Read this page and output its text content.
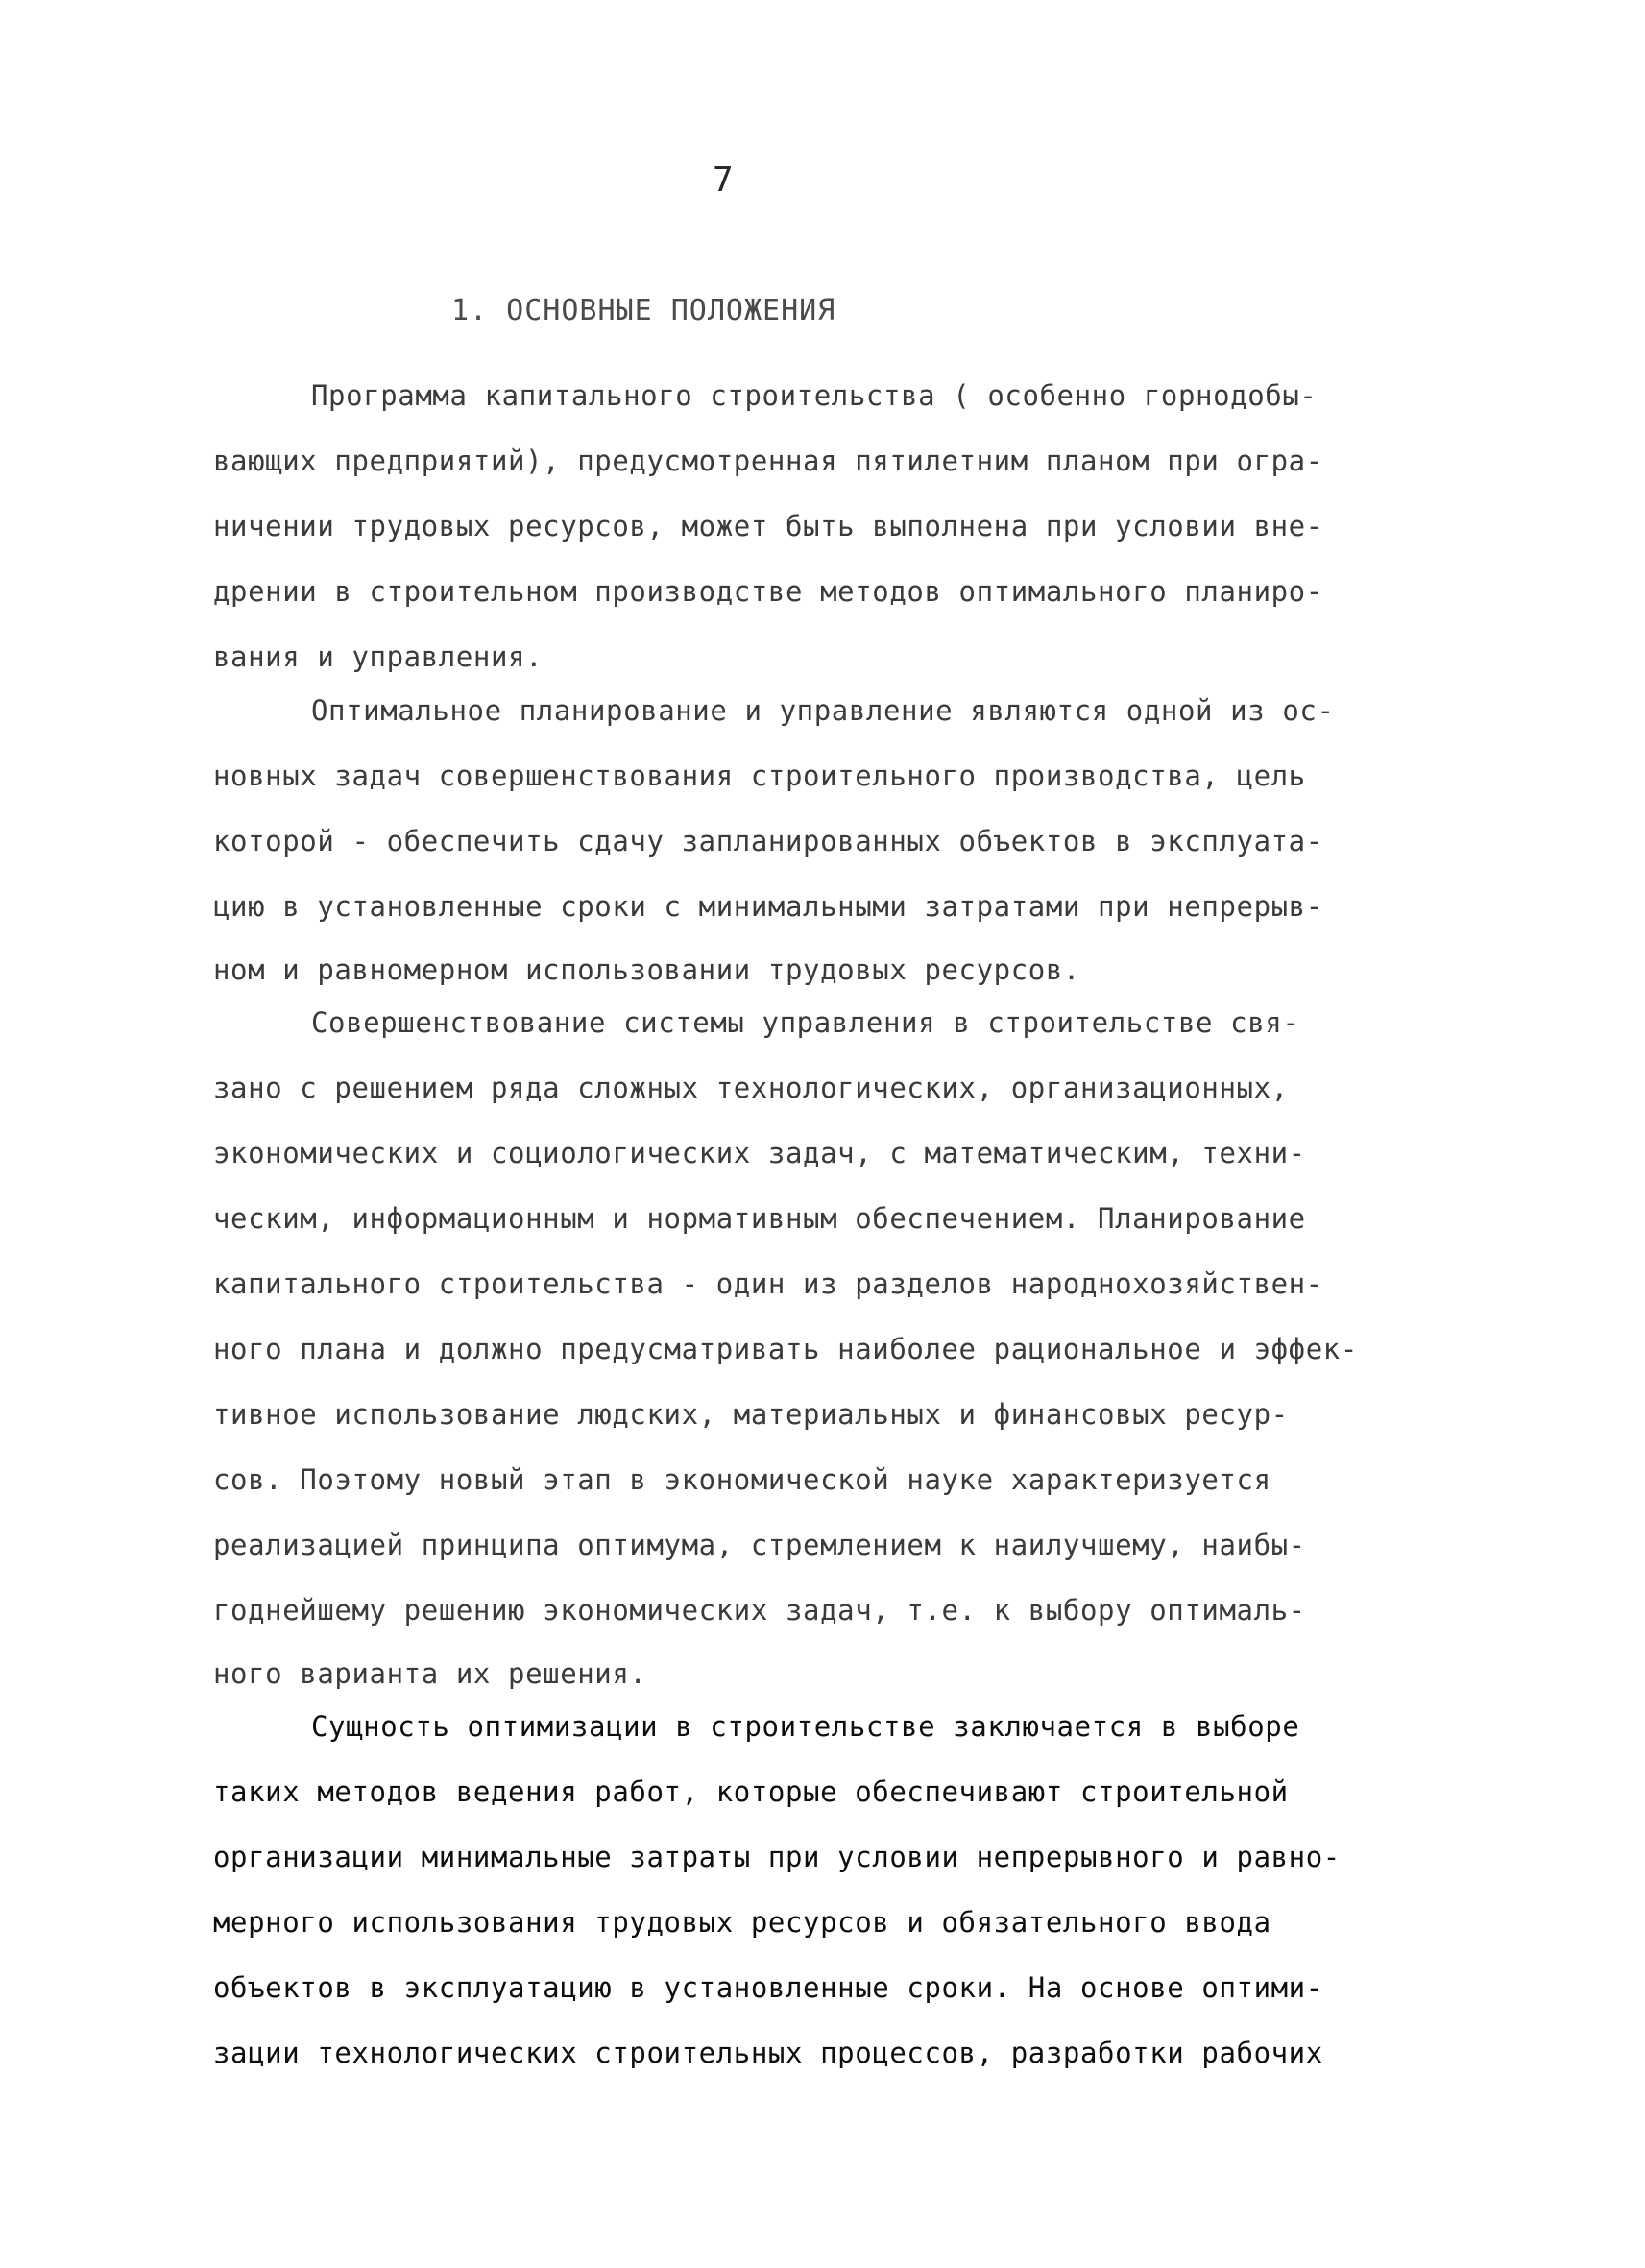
7
1. ОСНОВНЫЕ ПОЛОЖЕНИЯ
Программа капитального строительства ( особенно горнодобы-
вающих предприятий), предусмотренная пятилетним планом при огра-
ничении трудовых ресурсов, может быть выполнена при условии вне-
дрении в строительном производстве методов оптимального планиро-
вания и управления.
Оптимальное планирование и управление являются одной из ос-
новных задач совершенствования строительного производства, цель
которой - обеспечить сдачу запланированных объектов в эксплуата-
цию в установленные сроки с минимальными затратами при непрерыв-
ном и равномерном использовании трудовых ресурсов.
Совершенствование системы управления в строительстве свя-
зано с решением ряда сложных технологических, организационных,
экономических и социологических задач, с математическим, техни-
ческим, информационным и нормативным обеспечением. Планирование
капитального строительства - один из разделов народнохозяйствен-
ного плана и должно предусматривать наиболее рациональное и эффек-
тивное использование людских, материальных и финансовых ресур-
сов. Поэтому новый этап в экономической науке характеризуется
реализацией принципа оптимума, стремлением к наилучшему, наибы-
годнейшему решению экономических задач, т.е. к выбору оптималь-
ного варианта их решения.
Сущность оптимизации в строительстве заключается в выборе
таких методов ведения работ, которые обеспечивают строительной
организации минимальные затраты при условии непрерывного и равно-
мерного использования трудовых ресурсов и обязательного ввода
объектов в эксплуатацию в установленные сроки. На основе оптими-
зации технологических строительных процессов, разработки рабочих
